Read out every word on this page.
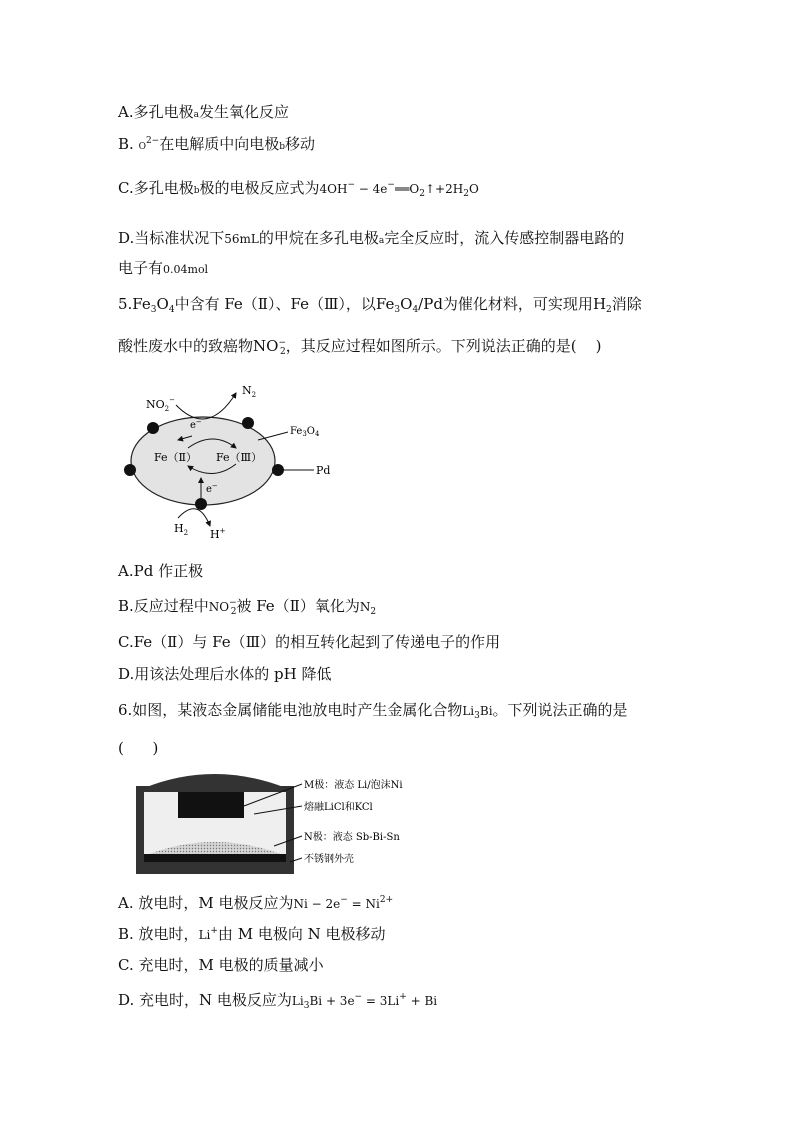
A.多孔电极a发生氧化反应
B. $O^{2-}$在电解质中向电极b移动
C.多孔电极b极的电极反应式为$4OH^- - 4e^-══O_2↑+2H_2O$
D.当标准状况下56mL的甲烷在多孔电极a完全反应时，流入传感控制器电路的
电子有0.04mol
$5.Fe_3O_4$中含有 Fe（Ⅱ）、Fe（Ⅲ），以$Fe_3O_4/Pd$为催化材料，可实现用$H_2$消除
酸性废水中的致癌物$NO^-_2$，其反应过程如图所示。下列说法正确的是(    )
$NO_2^-$
$N_2$
e−
Fe（Ⅱ） Fe（Ⅲ）
$Fe_3O_4$
Pd
e−
$H_2$ H+
A.Pd 作正极
B.反应过程中$NO^-_2$被 Fe（Ⅱ）氧化为$N_2$
C.Fe（Ⅱ）与 Fe（Ⅲ）的相互转化起到了传递电子的作用
D.用该法处理后水体的 pH 降低
6.如图，某液态金属储能电池放电时产生金属化合物$Li_3Bi$。下列说法正确的是
(      )
M极：液态 Li/泡沫Ni
熔融LiCl和KCl
N极：液态 Sb-Bi-Sn
不锈钢外壳
A. 放电时，M 电极反应为$Ni - 2e^- = Ni^{2+}$
B. 放电时，Li+由 M 电极向 N 电极移动
C. 充电时，M 电极的质量减小
D. 充电时，N 电极反应为$Li_3Bi + 3e^- = 3Li^+ + Bi$
